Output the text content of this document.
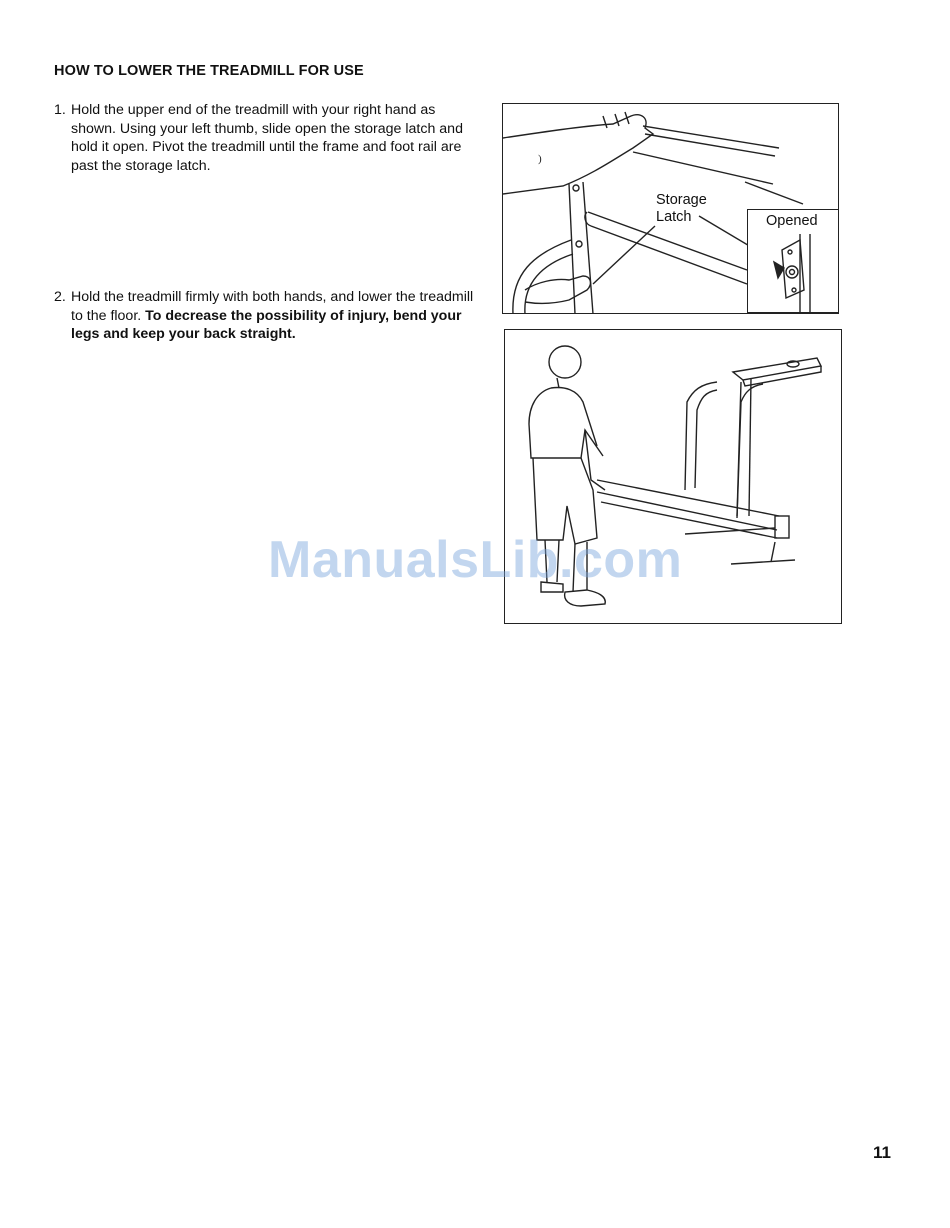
HOW TO LOWER THE TREADMILL FOR USE
1. Hold the upper end of the treadmill with your right hand as shown. Using your left thumb, slide open the storage latch and hold it open. Pivot the treadmill until the frame and foot rail are past the storage latch.
2. Hold the treadmill firmly with both hands, and lower the treadmill to the floor. To decrease the possibility of injury, bend your legs and keep your back straight.
)
Storage
Latch	Opened
ManualsLib.com
11
